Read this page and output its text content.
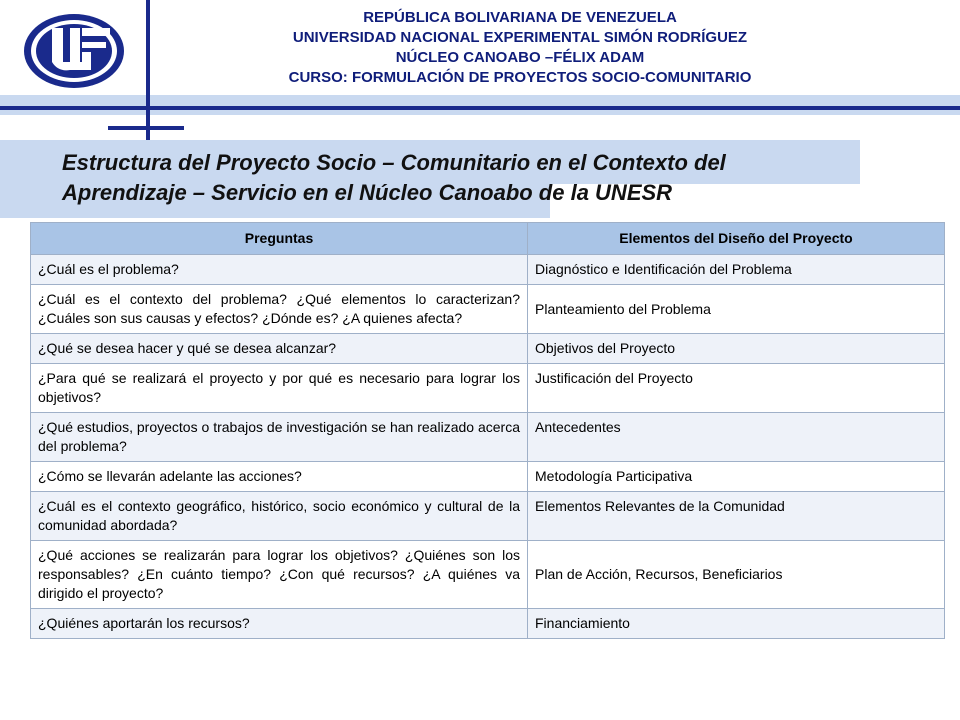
REPÚBLICA BOLIVARIANA DE VENEZUELA
UNIVERSIDAD NACIONAL EXPERIMENTAL SIMÓN RODRÍGUEZ
NÚCLEO CANOABO –FÉLIX ADAM
CURSO: FORMULACIÓN DE PROYECTOS SOCIO-COMUNITARIO
Estructura del Proyecto Socio – Comunitario en el Contexto del Aprendizaje – Servicio en el Núcleo Canoabo de la UNESR
Preguntas	Elementos del Diseño del Proyecto
¿Cuál es el problema?	Diagnóstico e Identificación del Problema
¿Cuál es el contexto del problema? ¿Qué elementos lo caracterizan? ¿Cuáles son sus causas y efectos? ¿Dónde es? ¿A quienes afecta?	Planteamiento del Problema
¿Qué se desea hacer y qué se desea alcanzar?	Objetivos del Proyecto
¿Para qué se realizará el proyecto y por qué es necesario para lograr los objetivos?	Justificación del Proyecto
¿Qué estudios, proyectos o trabajos de investigación se han realizado acerca del problema?	Antecedentes
¿Cómo se llevarán adelante las acciones?	Metodología Participativa
¿Cuál es el contexto geográfico, histórico, socio económico y cultural de la comunidad abordada?	Elementos Relevantes de la Comunidad
¿Qué acciones se realizarán para lograr los objetivos? ¿Quiénes son los responsables? ¿En cuánto tiempo? ¿Con qué recursos? ¿A quiénes va dirigido el proyecto?	Plan de Acción, Recursos, Beneficiarios
¿Quiénes aportarán los recursos?	Financiamiento
